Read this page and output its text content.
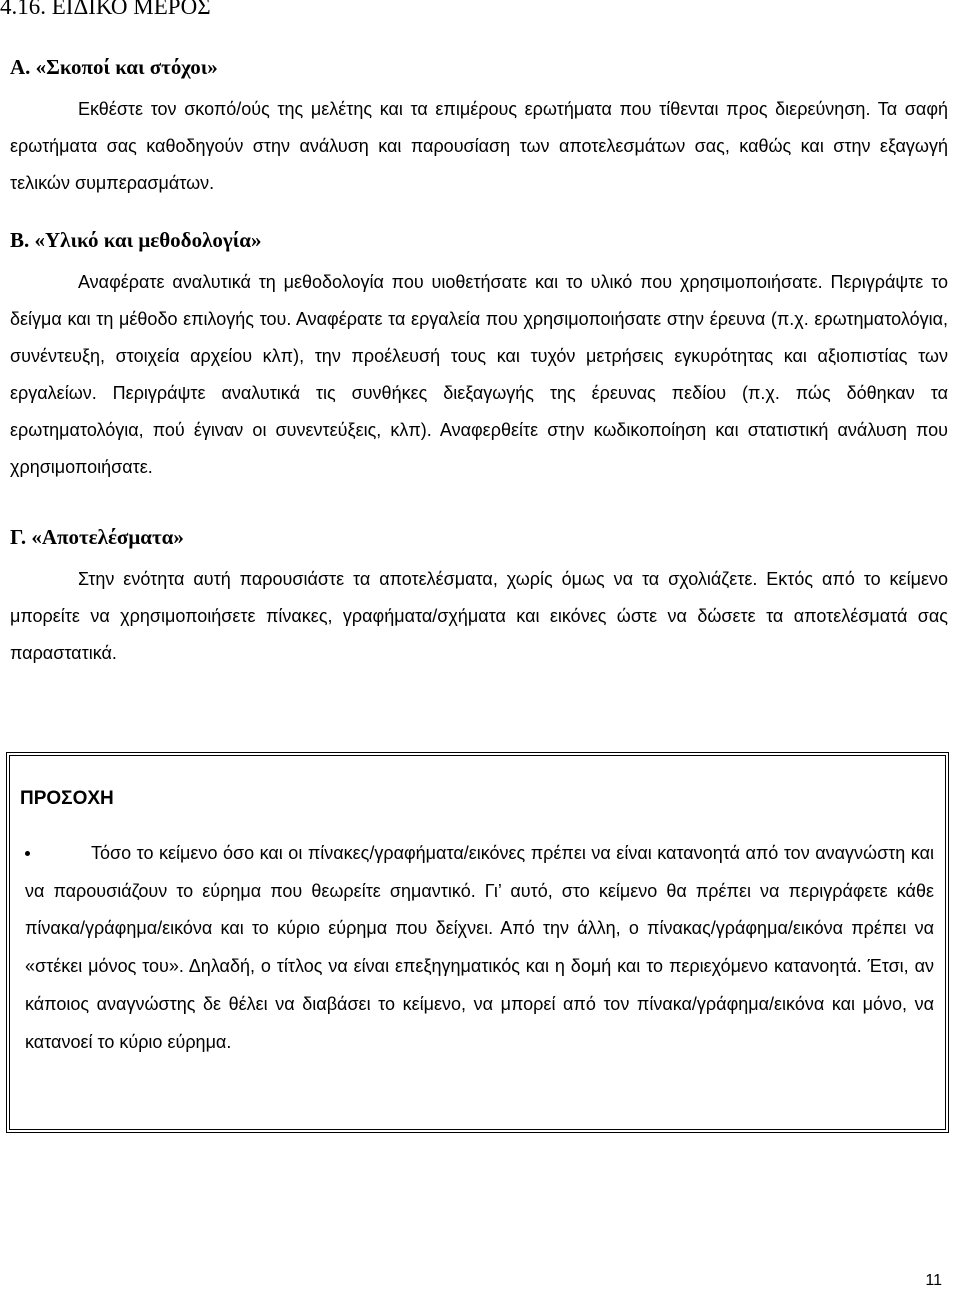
4.16. ΕΙΔΙΚΟ ΜΕΡΟΣ
Α. «Σκοποί και στόχοι»

Εκθέστε τον σκοπό/ούς της μελέτης και τα επιμέρους ερωτήματα που τίθενται προς διερεύνηση. Τα σαφή ερωτήματα σας καθοδηγούν στην ανάλυση και παρουσίαση των αποτελεσμάτων σας, καθώς και στην εξαγωγή τελικών συμπερασμάτων.

Β. «Υλικό και μεθοδολογία»

Αναφέρατε αναλυτικά τη μεθοδολογία που υιοθετήσατε και το υλικό που χρησιμοποιήσατε. Περιγράψτε το δείγμα και τη μέθοδο επιλογής του. Αναφέρατε τα εργαλεία που χρησιμοποιήσατε στην έρευνα (π.χ. ερωτηματολόγια, συνέντευξη, στοιχεία αρχείου κλπ), την προέλευσή τους και τυχόν μετρήσεις εγκυρότητας και αξιοπιστίας των εργαλείων. Περιγράψτε αναλυτικά τις συνθήκες διεξαγωγής της έρευνας πεδίου (π.χ. πώς δόθηκαν τα ερωτηματολόγια, πού έγιναν οι συνεντεύξεις, κλπ). Αναφερθείτε στην κωδικοποίηση και στατιστική ανάλυση που χρησιμοποιήσατε.

Γ. «Αποτελέσματα»

Στην ενότητα αυτή παρουσιάστε τα αποτελέσματα, χωρίς όμως να τα σχολιάζετε. Εκτός από το κείμενο μπορείτε να χρησιμοποιήσετε πίνακες, γραφήματα/σχήματα και εικόνες ώστε να δώσετε τα αποτελέσματά σας παραστατικά.

ΠΡΟΣΟΧΗ

Τόσο το κείμενο όσο και οι πίνακες/γραφήματα/εικόνες πρέπει να είναι κατανοητά από τον αναγνώστη και να παρουσιάζουν το εύρημα που θεωρείτε σημαντικό. Γι’ αυτό, στο κείμενο θα πρέπει να περιγράφετε κάθε πίνακα/γράφημα/εικόνα και το κύριο εύρημα που δείχνει. Από την άλλη, ο πίνακας/γράφημα/εικόνα πρέπει να «στέκει μόνος του». Δηλαδή, ο τίτλος να είναι επεξηγηματικός και η δομή και το περιεχόμενο κατανοητά. Έτσι, αν κάποιος αναγνώστης δε θέλει να διαβάσει το κείμενο, να μπορεί από τον πίνακα/γράφημα/εικόνα και μόνο, να κατανοεί το κύριο εύρημα.

11
